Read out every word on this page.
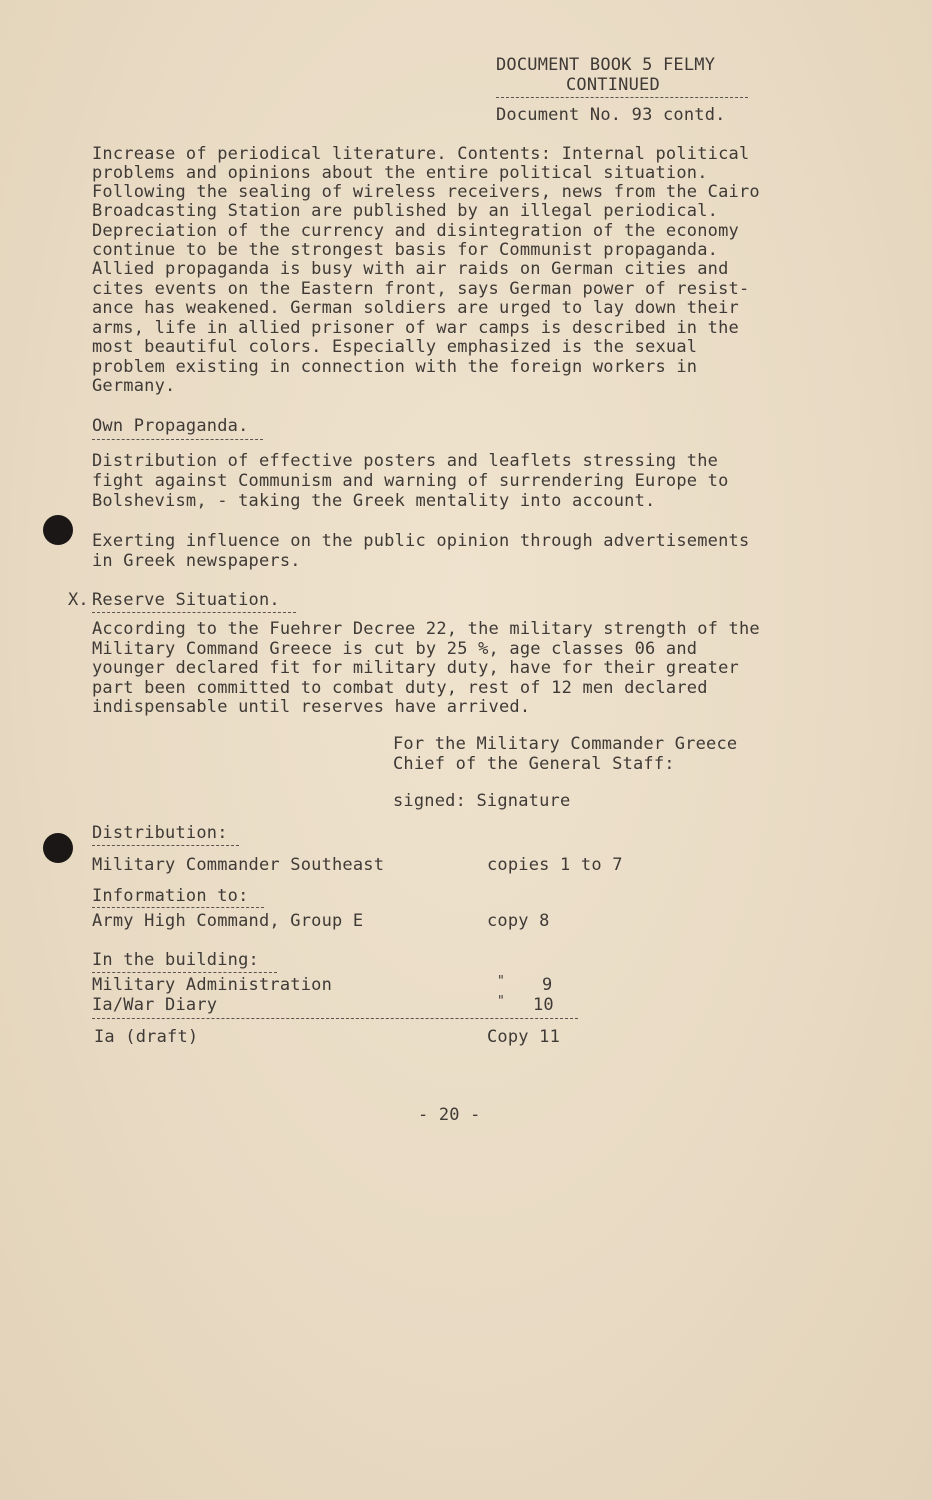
DOCUMENT BOOK 5 FELMY
CONTINUED
Document No. 93 contd.
Increase of periodical literature. Contents: Internal political
problems and opinions about the entire political situation.
Following the sealing of wireless receivers, news from the Cairo
Broadcasting Station are published by an illegal periodical.
Depreciation of the currency and disintegration of the economy
continue to be the strongest basis for Communist propaganda.
Allied propaganda is busy with air raids on German cities and
cites events on the Eastern front, says German power of resist-
ance has weakened. German soldiers are urged to lay down their
arms, life in allied prisoner of war camps is described in the
most beautiful colors. Especially emphasized is the sexual
problem existing in connection with the foreign workers in
Germany.
Own Propaganda.
Distribution of effective posters and leaflets stressing the
fight against Communism and warning of surrendering Europe to
Bolshevism, - taking the Greek mentality into account.
Exerting influence on the public opinion through advertisements
in Greek newspapers.
X. Reserve Situation.
According to the Fuehrer Decree 22, the military strength of the
Military Command Greece is cut by 25 %, age classes 06 and
younger declared fit for military duty, have for their greater
part been committed to combat duty, rest of 12 men declared
indispensable until reserves have arrived.
For the Military Commander Greece
Chief of the General Staff:
signed: Signature
Distribution:
Military Commander Southeast	copies 1 to 7
Information to:
Army High Command, Group E	copy 8
In the building:
Military Administration	" 9
Ia/War Diary	" 10
Ia (draft)	Copy 11
- 20 -
